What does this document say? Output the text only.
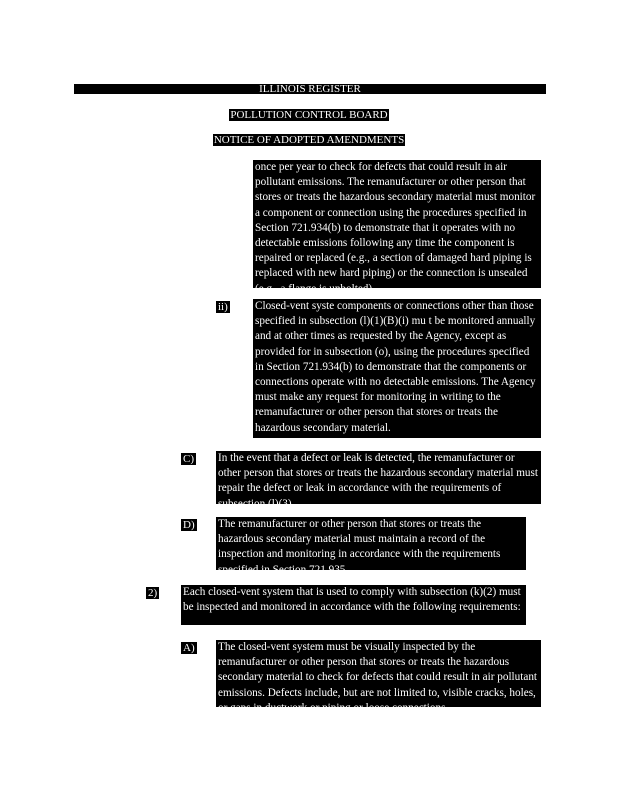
ILLINOIS REGISTER
POLLUTION CONTROL BOARD
NOTICE OF ADOPTED AMENDMENTS
once per year to check for defects that could result in air pollutant emissions. The remanufacturer or other person that stores or treats the hazardous secondary material must monitor a component or connection using the procedures specified in Section 721.934(b) to demonstrate that it operates with no detectable emissions following any time the component is repaired or replaced (e.g., a section of damaged hard piping is replaced with new hard piping) or the connection is unsealed (e.g., a flange is unbolted).
ii) Closed-vent syste components or connections other than those specified in subsection (l)(1)(B)(i) mu t be monitored annually and at other times as requested by the Agency, except as provided for in subsection (o), using the procedures specified in Section 721.934(b) to demonstrate that the components or connections operate with no detectable emissions. The Agency must make any request for monitoring in writing to the remanufacturer or other person that stores or treats the hazardous secondary material.
C) In the event that a defect or leak is detected, the remanufacturer or other person that stores or treats the hazardous secondary material must repair the defect or leak in accordance with the requirements of subsection (l)(3).
D) The remanufacturer or other person that stores or treats the hazardous secondary material must maintain a record of the inspection and monitoring in accordance with the requirements specified in Section 721.935.
2) Each closed-vent system that is used to comply with subsection (k)(2) must be inspected and monitored in accordance with the following requirements:
A) The closed-vent system must be visually inspected by the remanufacturer or other person that stores or treats the hazardous secondary material to check for defects that could result in air pollutant emissions. Defects include, but are not limited to, visible cracks, holes, or gaps in ductwork or piping or loose connections.
